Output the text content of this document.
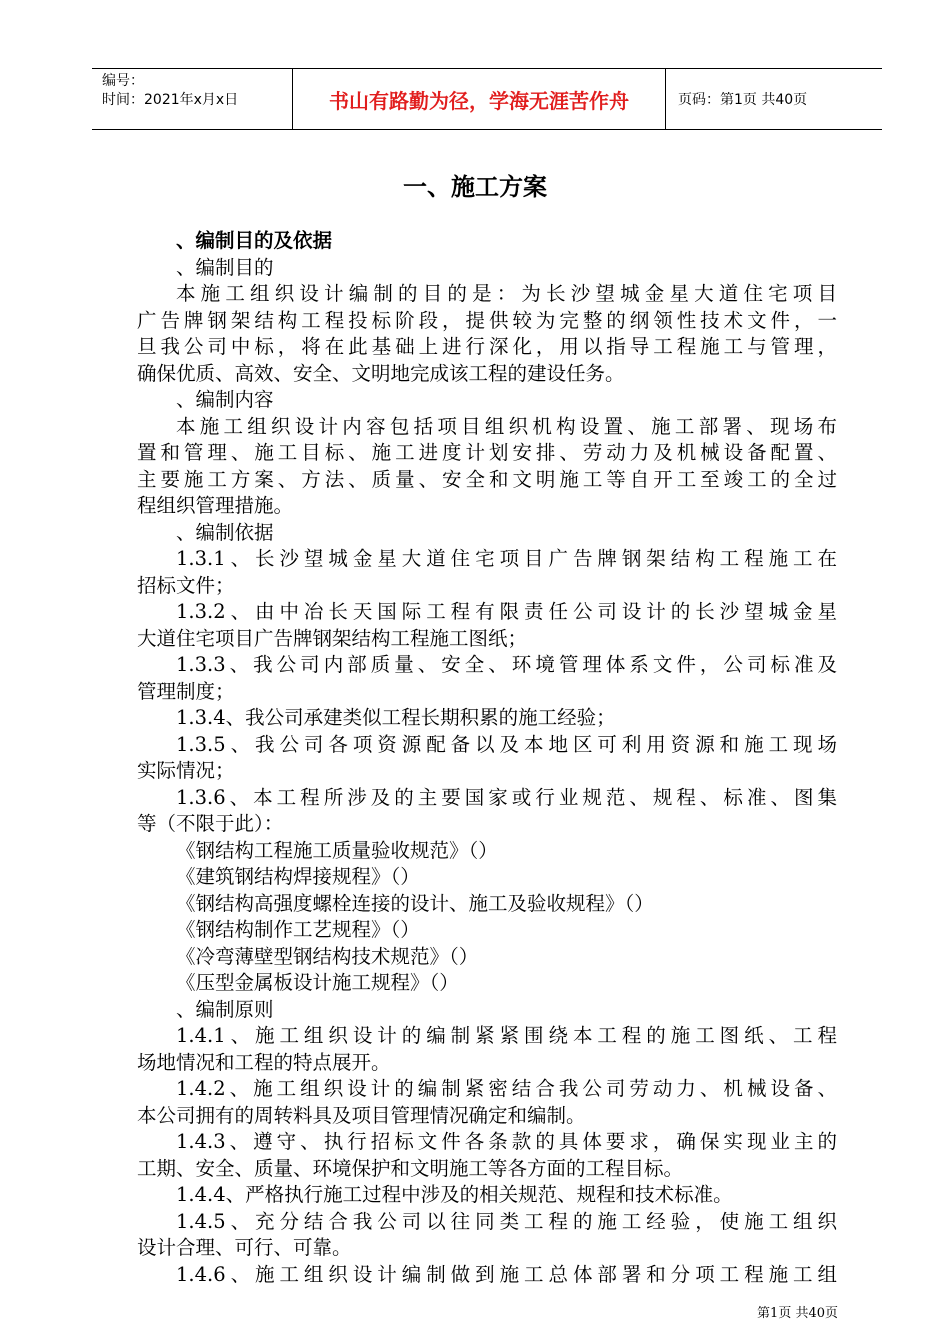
编号：
时间：2021年x月x日	书山有路勤为径，学海无涯苦作舟	页码：第1页 共40页
一、施工方案
、编制目的及依据
、编制目的
本施工组织设计编制的目的是：为长沙望城金星大道住宅项目
广告牌钢架结构工程投标阶段，提供较为完整的纲领性技术文件，一
旦我公司中标，将在此基础上进行深化，用以指导工程施工与管理，
确保优质、高效、安全、文明地完成该工程的建设任务。
、编制内容
本施工组织设计内容包括项目组织机构设置、施工部署、现场布
置和管理、施工目标、施工进度计划安排、劳动力及机械设备配置、
主要施工方案、方法、质量、安全和文明施工等自开工至竣工的全过
程组织管理措施。
、编制依据
1.3.1、长沙望城金星大道住宅项目广告牌钢架结构工程施工在
招标文件；
1.3.2、由中冶长天国际工程有限责任公司设计的长沙望城金星
大道住宅项目广告牌钢架结构工程施工图纸；
1.3.3、我公司内部质量、安全、环境管理体系文件，公司标准及
管理制度；
1.3.4、我公司承建类似工程长期积累的施工经验；
1.3.5、我公司各项资源配备以及本地区可利用资源和施工现场
实际情况；
1.3.6、本工程所涉及的主要国家或行业规范、规程、标准、图集
等（不限于此）：
《钢结构工程施工质量验收规范》（）
《建筑钢结构焊接规程》（）
《钢结构高强度螺栓连接的设计、施工及验收规程》（）
《钢结构制作工艺规程》（）
《冷弯薄壁型钢结构技术规范》（）
《压型金属板设计施工规程》（）
、编制原则
1.4.1、施工组织设计的编制紧紧围绕本工程的施工图纸、工程
场地情况和工程的特点展开。
1.4.2、施工组织设计的编制紧密结合我公司劳动力、机械设备、
本公司拥有的周转料具及项目管理情况确定和编制。
1.4.3、遵守、执行招标文件各条款的具体要求，确保实现业主的
工期、安全、质量、环境保护和文明施工等各方面的工程目标。
1.4.4、严格执行施工过程中涉及的相关规范、规程和技术标准。
1.4.5、充分结合我公司以往同类工程的施工经验，使施工组织
设计合理、可行、可靠。
1.4.6、施工组织设计编制做到施工总体部署和分项工程施工组
第1页 共40页
